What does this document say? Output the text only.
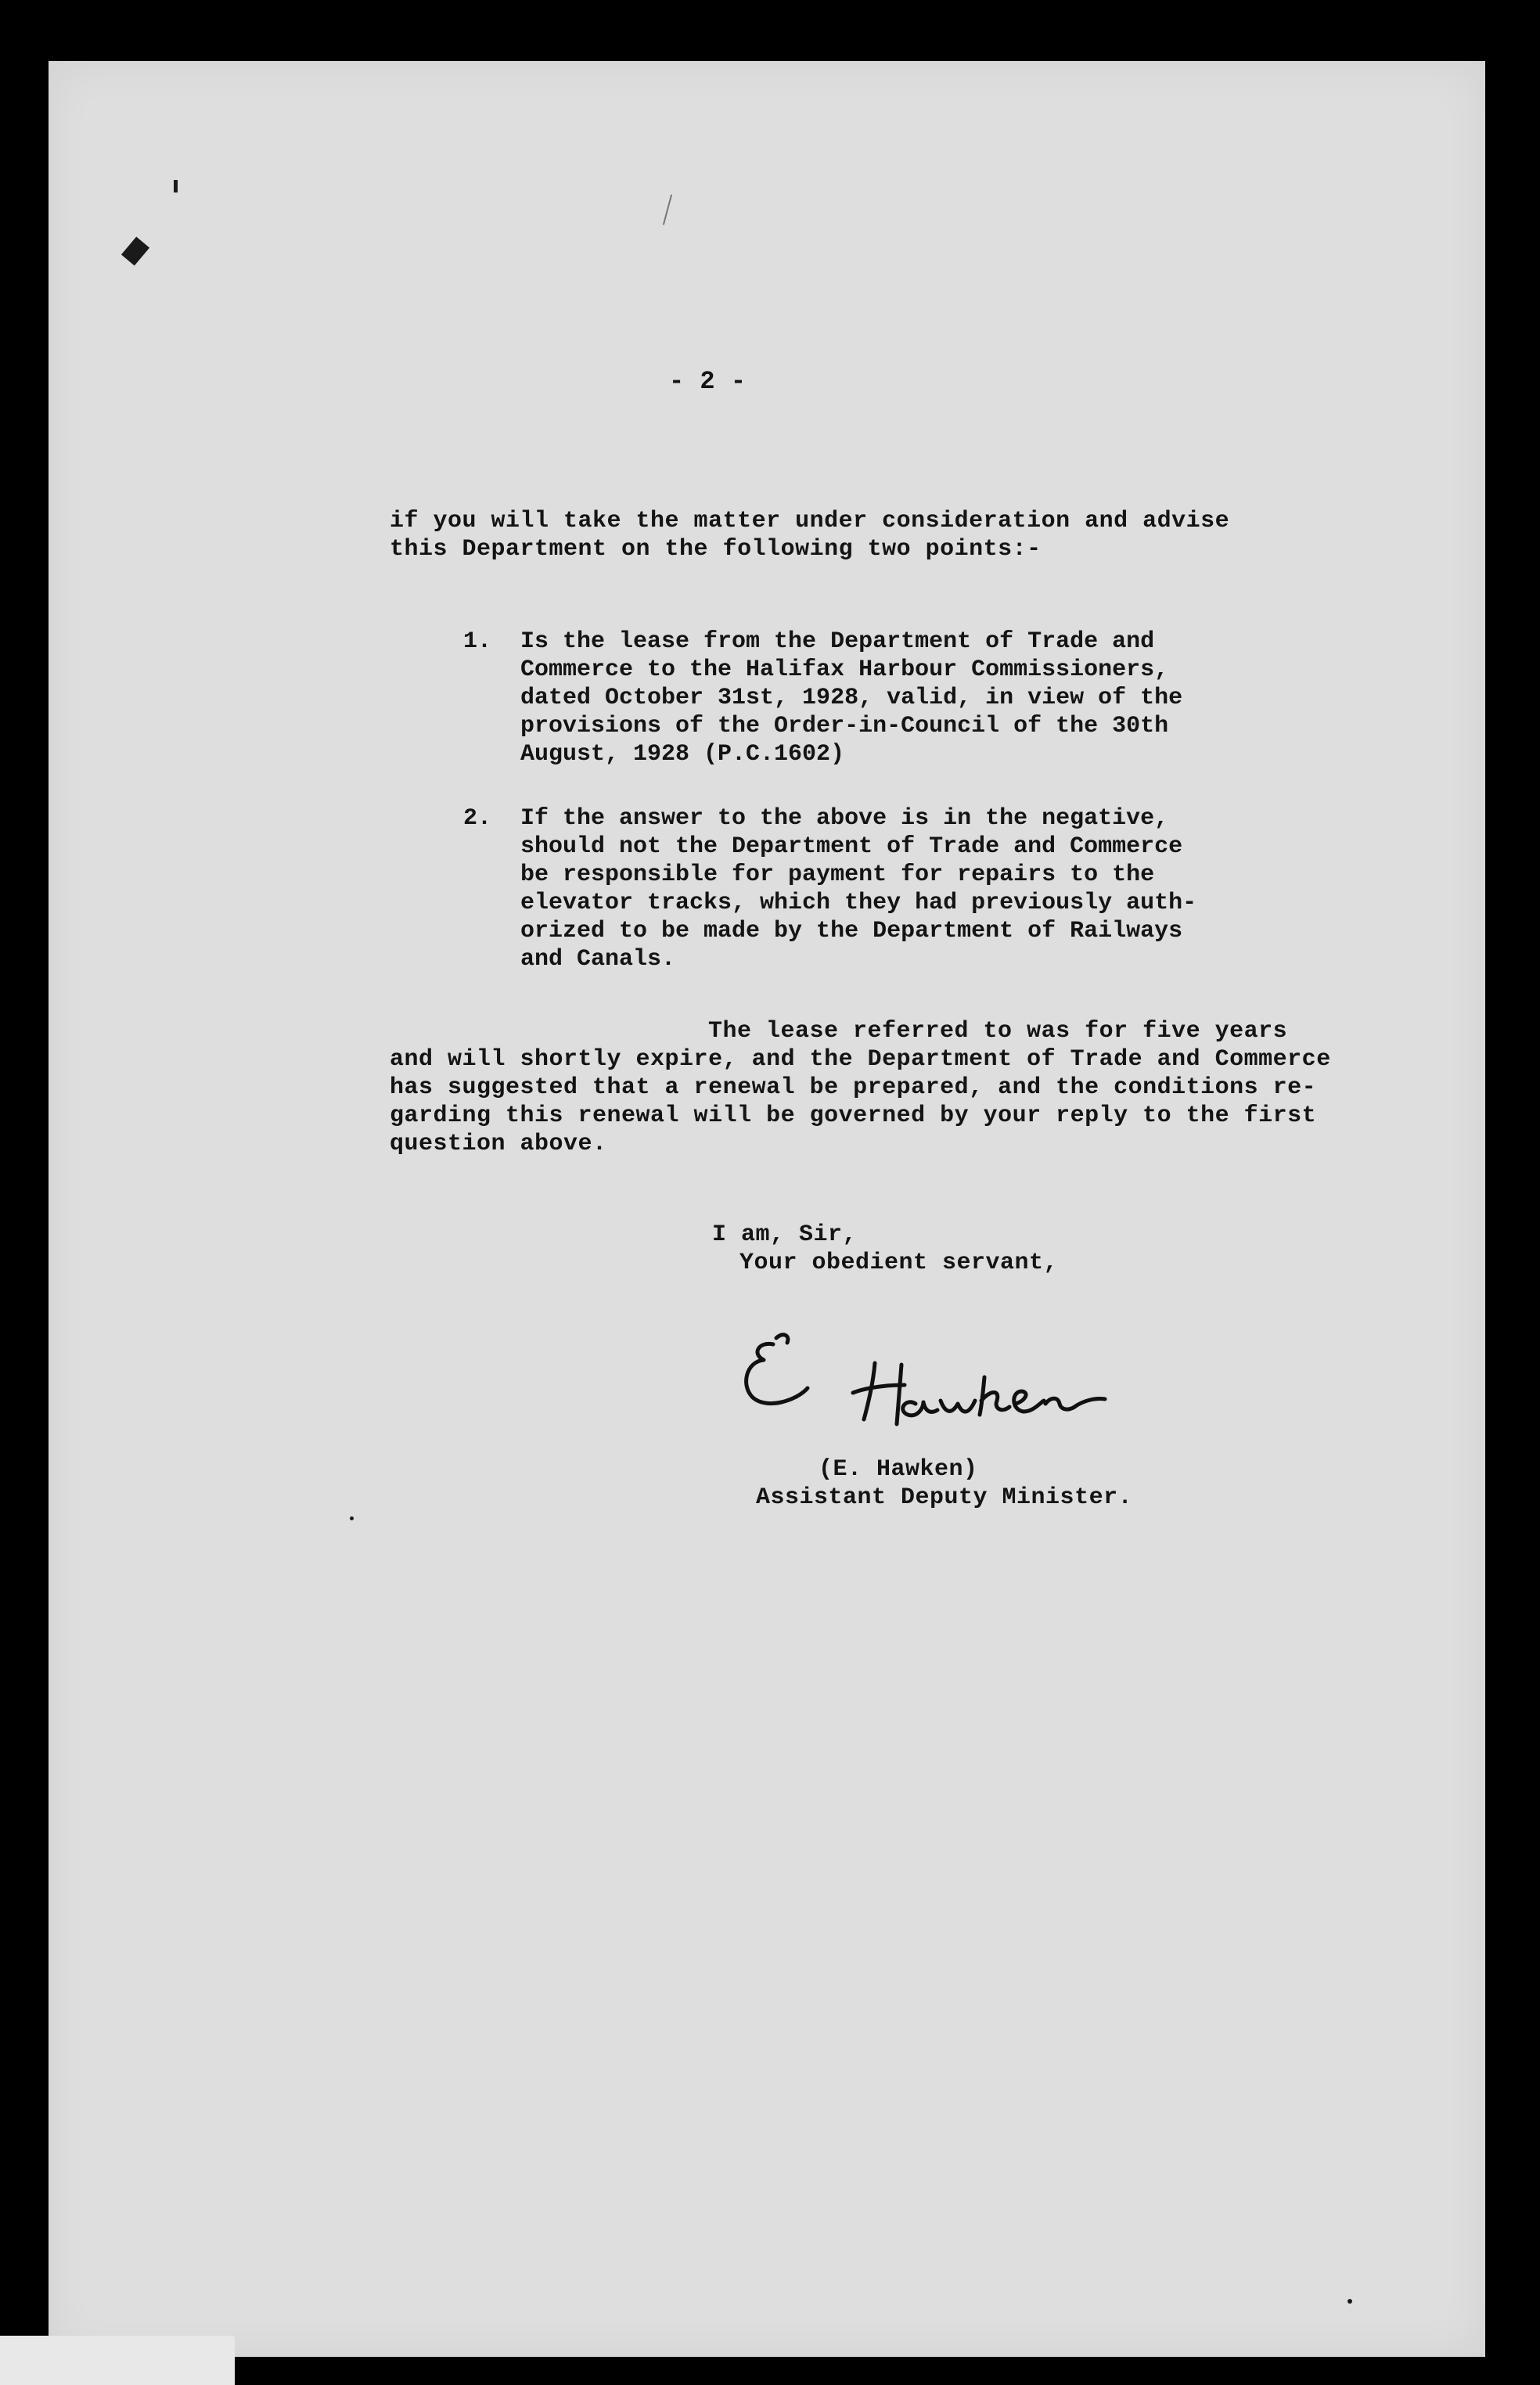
- 2 -
if you will take the matter under consideration and advise
this Department on the following two points:-
1. Is the lease from the Department of Trade and
Commerce to the Halifax Harbour Commissioners,
dated October 31st, 1928, valid, in view of the
provisions of the Order-in-Council of the 30th
August, 1928 (P.C.1602)
2. If the answer to the above is in the negative,
should not the Department of Trade and Commerce
be responsible for payment for repairs to the
elevator tracks, which they had previously auth-
orized to be made by the Department of Railways
and Canals.
The lease referred to was for five years
and will shortly expire, and the Department of Trade and Commerce
has suggested that a renewal be prepared, and the conditions re-
garding this renewal will be governed by your reply to the first
question above.
I am, Sir,
Your obedient servant,
(E. Hawken)
Assistant Deputy Minister.
